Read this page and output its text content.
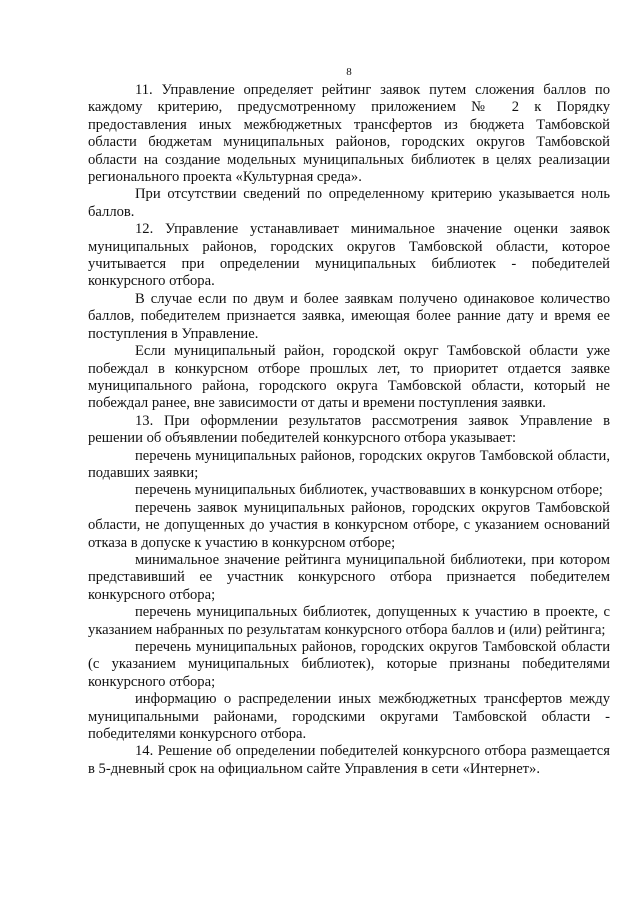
8

11. Управление определяет рейтинг заявок путем сложения баллов по каждому критерию, предусмотренному приложением № 2 к Порядку предоставления иных межбюджетных трансфертов из бюджета Тамбовской области бюджетам муниципальных районов, городских округов Тамбовской области на создание модельных муниципальных библиотек в целях реализации регионального проекта «Культурная среда».

При отсутствии сведений по определенному критерию указывается ноль баллов.

12. Управление устанавливает минимальное значение оценки заявок муниципальных районов, городских округов Тамбовской области, которое учитывается при определении муниципальных библиотек - победителей конкурсного отбора.

В случае если по двум и более заявкам получено одинаковое количество баллов, победителем признается заявка, имеющая более ранние дату и время ее поступления в Управление.

Если муниципальный район, городской округ Тамбовской области уже побеждал в конкурсном отборе прошлых лет, то приоритет отдается заявке муниципального района, городского округа Тамбовской области, который не побеждал ранее, вне зависимости от даты и времени поступления заявки.

13. При оформлении результатов рассмотрения заявок Управление в решении об объявлении победителей конкурсного отбора указывает:

перечень муниципальных районов, городских округов Тамбовской области, подавших заявки;

перечень муниципальных библиотек, участвовавших в конкурсном отборе;

перечень заявок муниципальных районов, городских округов Тамбовской области, не допущенных до участия в конкурсном отборе, с указанием оснований отказа в допуске к участию в конкурсном отборе;

минимальное значение рейтинга муниципальной библиотеки, при котором представивший ее участник конкурсного отбора признается победителем конкурсного отбора;

перечень муниципальных библиотек, допущенных к участию в проекте, с указанием набранных по результатам конкурсного отбора баллов и (или) рейтинга;

перечень муниципальных районов, городских округов Тамбовской области (с указанием муниципальных библиотек), которые признаны победителями конкурсного отбора;

информацию о распределении иных межбюджетных трансфертов между муниципальными районами, городскими округами Тамбовской области - победителями конкурсного отбора.

14. Решение об определении победителей конкурсного отбора размещается в 5-дневный срок на официальном сайте Управления в сети «Интернет».
